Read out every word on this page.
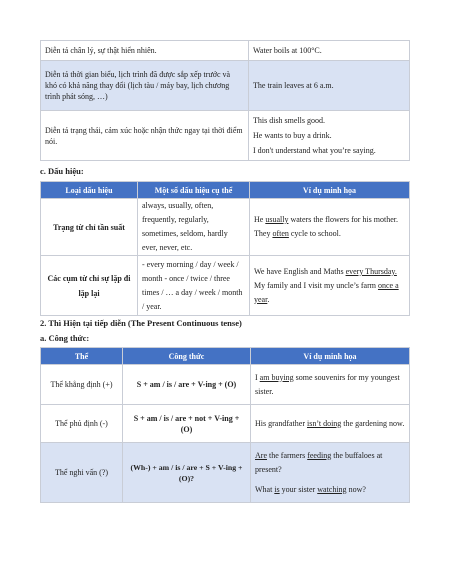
Diễn tả chân lý, sự thật hiển nhiên.	Water boils at 100°C.
Diễn tả thời gian biểu, lịch trình đã được sắp xếp trước và khó có khả năng thay đổi (lịch tàu / máy bay, lịch chương trình phát sóng, …)	The train leaves at 6 a.m.
Diễn tả trạng thái, cảm xúc hoặc nhận thức ngay tại thời điểm nói.	This dish smells good.
He wants to buy a drink.
I don't understand what you’re saying.
c. Dấu hiệu:
Loại dấu hiệu	Một số dấu hiệu cụ thể	Ví dụ minh họa
Trạng từ chỉ tần suất	always, usually, often, frequently, regularly, sometimes, seldom, hardly ever, never, etc.	He usually waters the flowers for his mother.
They often cycle to school.

Các cụm từ chỉ sự lặp đi lặp lại	- every morning / day / week / month - once / twice / three times / … a day / week / month / year.	We have English and Maths every Thursday.
My family and I visit my uncle’s farm once a year.
2. Thì Hiện tại tiếp diễn (The Present Continuous tense)
a. Công thức:
Thể	Công thức	Ví dụ minh họa
Thể khẳng định (+)	S + am / is / are + V-ing + (O)	I am buying some souvenirs for my youngest sister.
Thể phủ định (-)	S + am / is / are + not + V-ing + (O)	His grandfather isn’t doing the gardening now.
Thể nghi vấn (?)	(Wh-) + am / is / are + S + V-ing + (O)?	Are the farmers feeding the buffaloes at present?
What is your sister watching now?
